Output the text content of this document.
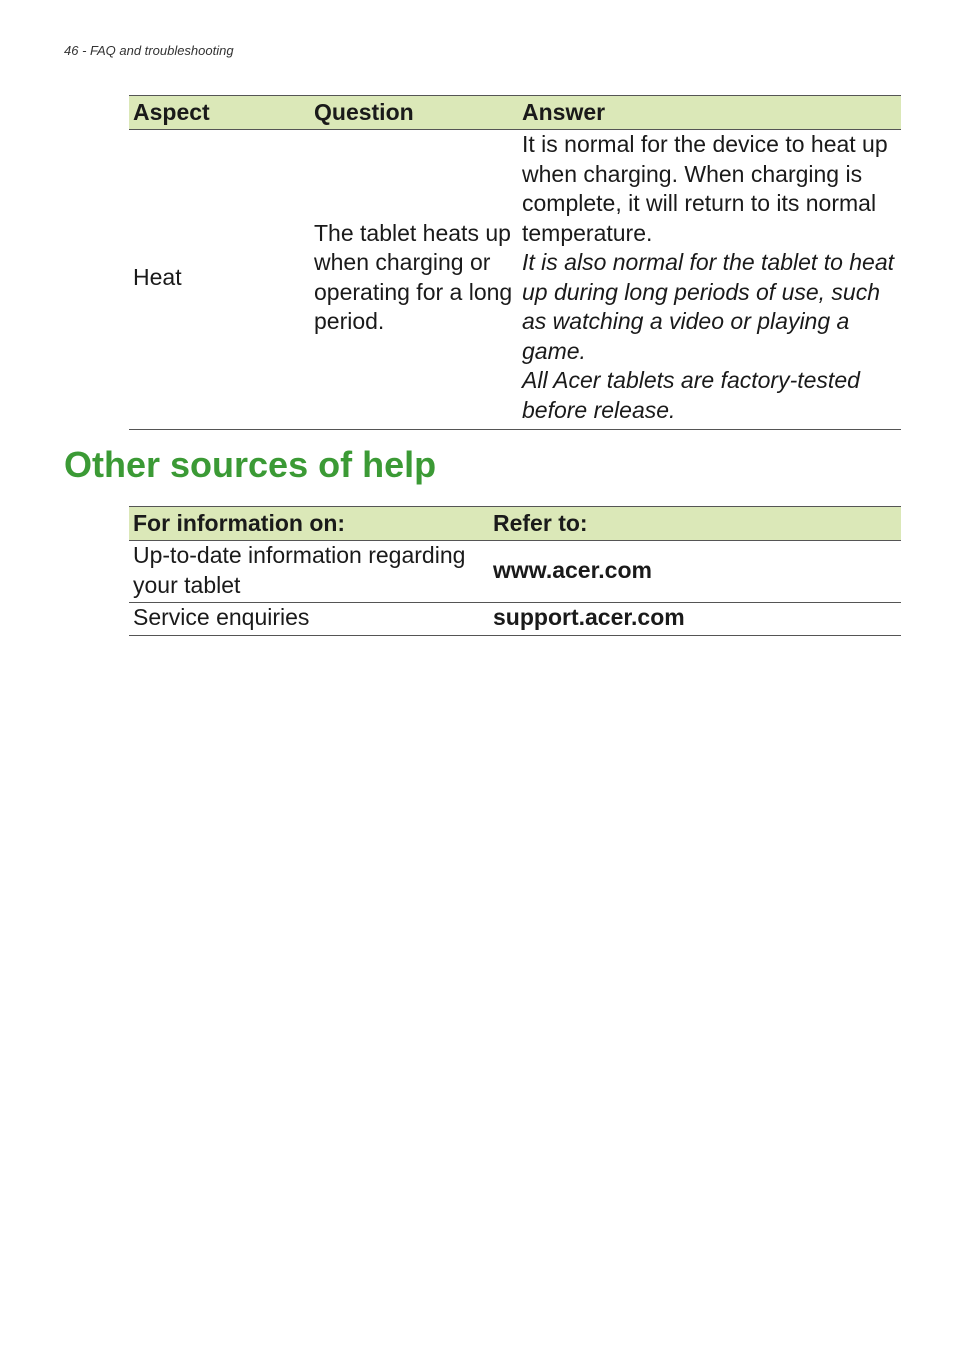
46 - FAQ and troubleshooting
Aspect	Question	Answer
Heat	The tablet heats up when charging or operating for a long period.	It is normal for the device to heat up when charging. When charging is complete, it will return to its normal temperature.

It is also normal for the tablet to heat up during long periods of use, such as watching a video or playing a game.

All Acer tablets are factory-tested before release.

Other sources of help
For information on:	Refer to:
Up-to-date information regarding your tablet	www.acer.com
Service enquiries	support.acer.com
